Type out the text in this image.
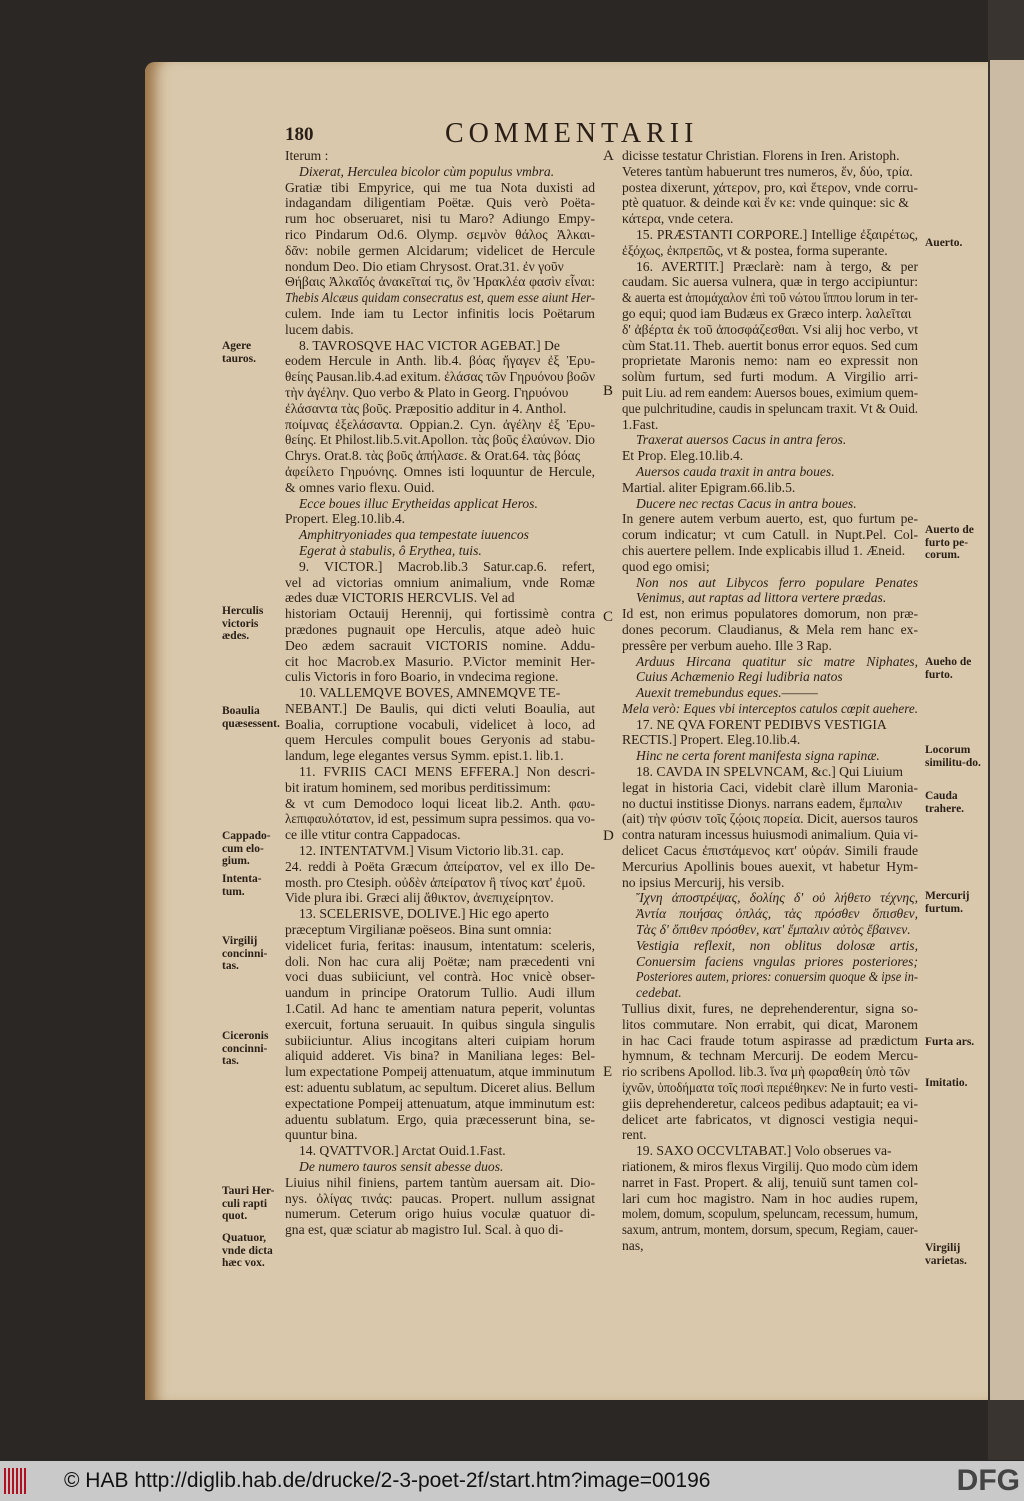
180	COMMENTARII
Iterum :
Dixerat, Herculea bicolor cùm populus vmbra.
Gratiæ tibi Empyrice, qui me tua Nota duxisti ad
indagandam diligentiam Poëtæ. Quis verò Poëta-
rum hoc obseruaret, nisi tu Maro? Adiungo Empy-
rico Pindarum Od.6. Olymp. σεμνὸν θάλος Ἀλκαι-
δᾶν: nobile germen Alcidarum; videlicet de Hercule
nondum Deo. Dio etiam Chrysost. Orat.31. ἐν γοῦν
Θήβαις Ἀλκαῖός ἀνακεῖταί τις, ὃν Ἡρακλέα φασὶν εἶναι:
Thebis Alcæus quidam consecratus est, quem esse aiunt Her-
culem. Inde iam tu Lector infinitis locis Poëtarum
lucem dabis.
8. TAVROSQVE HAC VICTOR AGEBAT.] De
eodem Hercule in Anth. lib.4. βόας ἤγαγεν ἐξ Ἐρυ-
θείης Pausan.lib.4.ad exitum. ἐλάσας τῶν Γηρυόνου βοῶν
τὴν ἀγέλην. Quo verbo & Plato in Georg. Γηρυόνου
ἐλάσαντα τὰς βοῦς. Præpositio additur in 4. Anthol.
ποίμνας ἐξελάσαντα. Oppian.2. Cyn. ἀγέλην ἐξ Ἐρυ-
θείης. Et Philost.lib.5.vit.Apollon. τὰς βοῦς ἐλαύνων. Dio
Chrys. Orat.8. τὰς βοῦς ἀπήλασε. & Orat.64. τὰς βόας
ἀφείλετο Γηρυόνης. Omnes isti loquuntur de Hercule,
& omnes vario flexu. Ouid.
Ecce boues illuc Erytheidas applicat Heros.
Propert. Eleg.10.lib.4.
Amphitryoniades qua tempestate iuuencos
Egerat à stabulis, ô Erythea, tuis.
9. VICTOR.] Macrob.lib.3 Satur.cap.6. refert,
vel ad victorias omnium animalium, vnde Romæ
ædes duæ VICTORIS HERCVLIS. Vel ad
historiam Octauij Herennij, qui fortissimè contra
prædones pugnauit ope Herculis, atque adeò huic
Deo ædem sacrauit VICTORIS nomine. Addu-
cit hoc Macrob.ex Masurio. P.Victor meminit Her-
culis Victoris in foro Boario, in vndecima regione.
10. VALLEMQVE BOVES, AMNEMQVE TE-
NEBANT.] De Baulis, qui dicti veluti Boaulia, aut
Boalia, corruptione vocabuli, videlicet à loco, ad
quem Hercules compulit boues Geryonis ad stabu-
landum, lege elegantes versus Symm. epist.1. lib.1.
11. FVRIIS CACI MENS EFFERA.] Non descri-
bit iratum hominem, sed moribus perditissimum:
& vt cum Demodoco loqui liceat lib.2. Anth. φαυ-
λεπιφαυλότατον, id est, pessimum supra pessimos. qua vo-
ce ille vtitur contra Cappadocas.
12. INTENTATVM.] Visum Victorio lib.31. cap.
24. reddi à Poëta Græcum ἀπείρατον, vel ex illo De-
mosth. pro Ctesiph. οὐδὲν ἀπείρατον ἢ τίνος κατ' ἐμοῦ.
Vide plura ibi. Græci alij ἄθικτον, ἀνεπιχείρητον.
13. SCELERISVE, DOLIVE.] Hic ego aperto
præceptum Virgilianæ poëseos. Bina sunt omnia:
videlicet furia, feritas: inausum, intentatum: sceleris,
doli. Non hac cura alij Poëtæ; nam præcedenti vni
voci duas subiiciunt, vel contrà. Hoc vnicè obser-
uandum in principe Oratorum Tullio. Audi illum
1.Catil. Ad hanc te amentiam natura peperit, voluntas
exercuit, fortuna seruauit. In quibus singula singulis
subiiciuntur. Alius incogitans alteri cuipiam horum
aliquid adderet. Vis bina? in Maniliana leges: Bel-
lum expectatione Pompeij attenuatum, atque imminutum
est: aduentu sublatum, ac sepultum. Diceret alius. Bellum
expectatione Pompeij attenuatum, atque imminutum est:
aduentu sublatum. Ergo, quia præcesserunt bina, se-
quuntur bina.
14. QVATTVOR.] Arctat Ouid.1.Fast.
De numero tauros sensit abesse duos.
Liuius nihil finiens, partem tantùm auersam ait. Dio-
nys. ὀλίγας τινάς: paucas. Propert. nullum assignat
numerum. Ceterum origo huius voculæ quatuor di-
gna est, quæ sciatur ab magistro Iul. Scal. à quo di-
dicisse testatur Christian. Florens in Iren. Aristoph.
Veteres tantùm habuerunt tres numeros, ἕν, δύο, τρία.
postea dixerunt, χάτερον, pro, καὶ ἕτερον, vnde corru-
ptè quatuor. & deinde καὶ ἕν κε: vnde quinque: sic &
κάτερα, vnde cetera.
15. PRÆSTANTI CORPORE.] Intellige ἐξαιρέτως,
ἐξόχως, ἐκπρεπῶς, vt & postea, forma superante.
16. AVERTIT.] Præclarè: nam à tergo, & per
caudam. Sic auersa vulnera, quæ in tergo accipiuntur:
& auerta est ἀπομάχαλον ἐπὶ τοῦ νώτου ἵππου lorum in ter-
go equi; quod iam Budæus ex Græco interp. λαλεῖται
δ' ἀβέρτα ἐκ τοῦ ἀποσφάζεσθαι. Vsi alij hoc verbo, vt
cùm Stat.11. Theb. auertit bonus error equos. Sed cum
proprietate Maronis nemo: nam eo expressit non
solùm furtum, sed furti modum. A Virgilio arri-
puit Liu. ad rem eandem: Auersos boues, eximium quem-
que pulchritudine, caudis in speluncam traxit. Vt & Ouid.
1.Fast.
Traxerat auersos Cacus in antra feros.
Et Prop. Eleg.10.lib.4.
Auersos cauda traxit in antra boues.
Martial. aliter Epigram.66.lib.5.
Ducere nec rectas Cacus in antra boues.
In genere autem verbum auerto, est, quo furtum pe-
corum indicatur; vt cum Catull. in Nupt.Pel. Col-
chis auertere pellem. Inde explicabis illud 1. Æneid.
quod ego omisi;
Non nos aut Libycos ferro populare Penates
Venimus, aut raptas ad littora vertere prædas.
Id est, non erimus populatores domorum, non præ-
dones pecorum. Claudianus, & Mela rem hanc ex-
pressêre per verbum aueho. Ille 3 Rap.
Arduus Hircana quatitur sic matre Niphates,
Cuius Achæmenio Regi ludibria natos
Auexit tremebundus eques.———
Mela verò: Eques vbi interceptos catulos cœpit auehere.
17. NE QVA FORENT PEDIBVS VESTIGIA
RECTIS.] Propert. Eleg.10.lib.4.
Hinc ne certa forent manifesta signa rapinæ.
18. CAVDA IN SPELVNCAM, &c.] Qui Liuium
legat in historia Caci, videbit clarè illum Maronia-
no ductui institisse Dionys. narrans eadem, ἔμπαλιν
(ait) τὴν φύσιν τοῖς ζῴοις πορεία. Dicit, auersos tauros
contra naturam incessus huiusmodi animalium. Quia vi-
delicet Cacus ἐπιστάμενος κατ' οὐράν. Simili fraude
Mercurius Apollinis boues auexit, vt habetur Hym-
no ipsius Mercurij, his versib.
Ἴχνη ἀποστρέψας, δολίης δ' οὐ λήθετο τέχνης,
Ἀντία ποιήσας ὁπλάς, τὰς πρόσθεν ὄπισθεν,
Τὰς δ' ὄπιθεν πρόσθεν, κατ' ἔμπαλιν αὐτὸς ἔβαινεν.
Vestigia reflexit, non oblitus dolosæ artis,
Conuersim faciens vngulas priores posteriores;
Posteriores autem, priores: conuersim quoque & ipse in-
cedebat.
Tullius dixit, fures, ne deprehenderentur, signa so-
litos commutare. Non errabit, qui dicat, Maronem
in hac Caci fraude totum aspirasse ad prædictum
hymnum, & technam Mercurij. De eodem Mercu-
rio scribens Apollod. lib.3. ἵνα μὴ φωραθείη ὑπὸ τῶν
ἰχνῶν, ὑποδήματα τοῖς ποσὶ περιέθηκεν: Ne in furto vesti-
giis deprehenderetur, calceos pedibus adaptauit; ea vi-
delicet arte fabricatos, vt dignosci vestigia nequi-
rent.
19. SAXO OCCVLTABAT.] Volo obserues va-
riationem, & miros flexus Virgilij. Quo modo cùm idem
narret in Fast. Propert. & alij, tenuiŭ sunt tamen col-
lari cum hoc magistro. Nam in hoc audies rupem,
molem, domum, scopulum, speluncam, recessum, humum,
saxum, antrum, montem, dorsum, specum, Regiam, cauer-
nas,
Agere tauros.
Herculis victoris ædes.
Boaulia quæsessent.
Cappado-cum elo-gium.
Intenta-tum.
Virgilij concinni-tas.
Ciceronis concinni-tas.
Tauri Her-culi rapti quot.
Quatuor, vnde dicta hæc vox.
Auerto.
Auerto de furto pe-corum.
Aueho de furto.
Locorum similitu-do.
Cauda trahere.
Mercurij furtum.
Furta ars.
Imitatio.
Virgilij varietas.
A
B
C
D
E
© HAB http://diglib.hab.de/drucke/2-3-poet-2f/start.htm?image=00196	DFG
